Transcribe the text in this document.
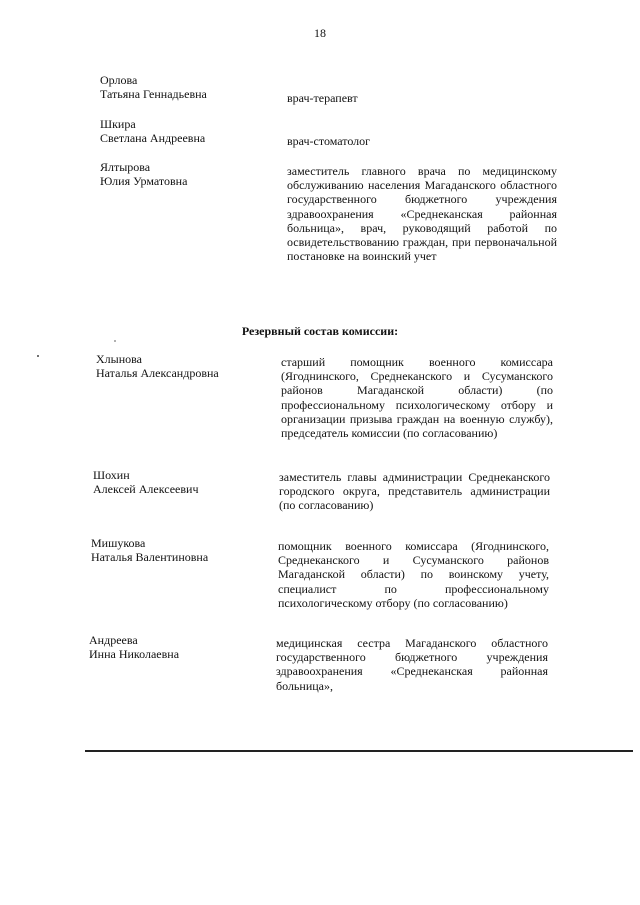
18
Орлова
Татьяна Геннадьевна	врач-терапевт
Шкира
Светлана Андреевна	врач-стоматолог
Ялтырова
Юлия Урматовна
заместитель главного врача по медицинскому обслуживанию населения Магаданского областного государственного бюджетного учреждения здравоохранения «Среднеканская районная больница», врач, руководящий работой по освидетельствованию граждан, при первоначальной постановке на воинский учет
Резервный состав комиссии:
Хлынова
Наталья Александровна
старший помощник военного комиссара (Ягоднинского, Среднеканского и Сусуманского районов Магаданской области) (по профессиональному психологическому отбору и организации призыва граждан на военную службу), председатель комиссии (по согласованию)
Шохин
Алексей Алексеевич
заместитель главы администрации Среднеканского городского округа, представитель администрации (по согласованию)
Мишукова
Наталья Валентиновна
помощник военного комиссара (Ягоднинского, Среднеканского и Сусуманского районов Магаданской области) по воинскому учету, специалист по профессиональному психологическому отбору (по согласованию)
Андреева
Инна Николаевна
медицинская сестра Магаданского областного государственного бюджетного учреждения здравоохранения «Среднеканская районная больница»,
